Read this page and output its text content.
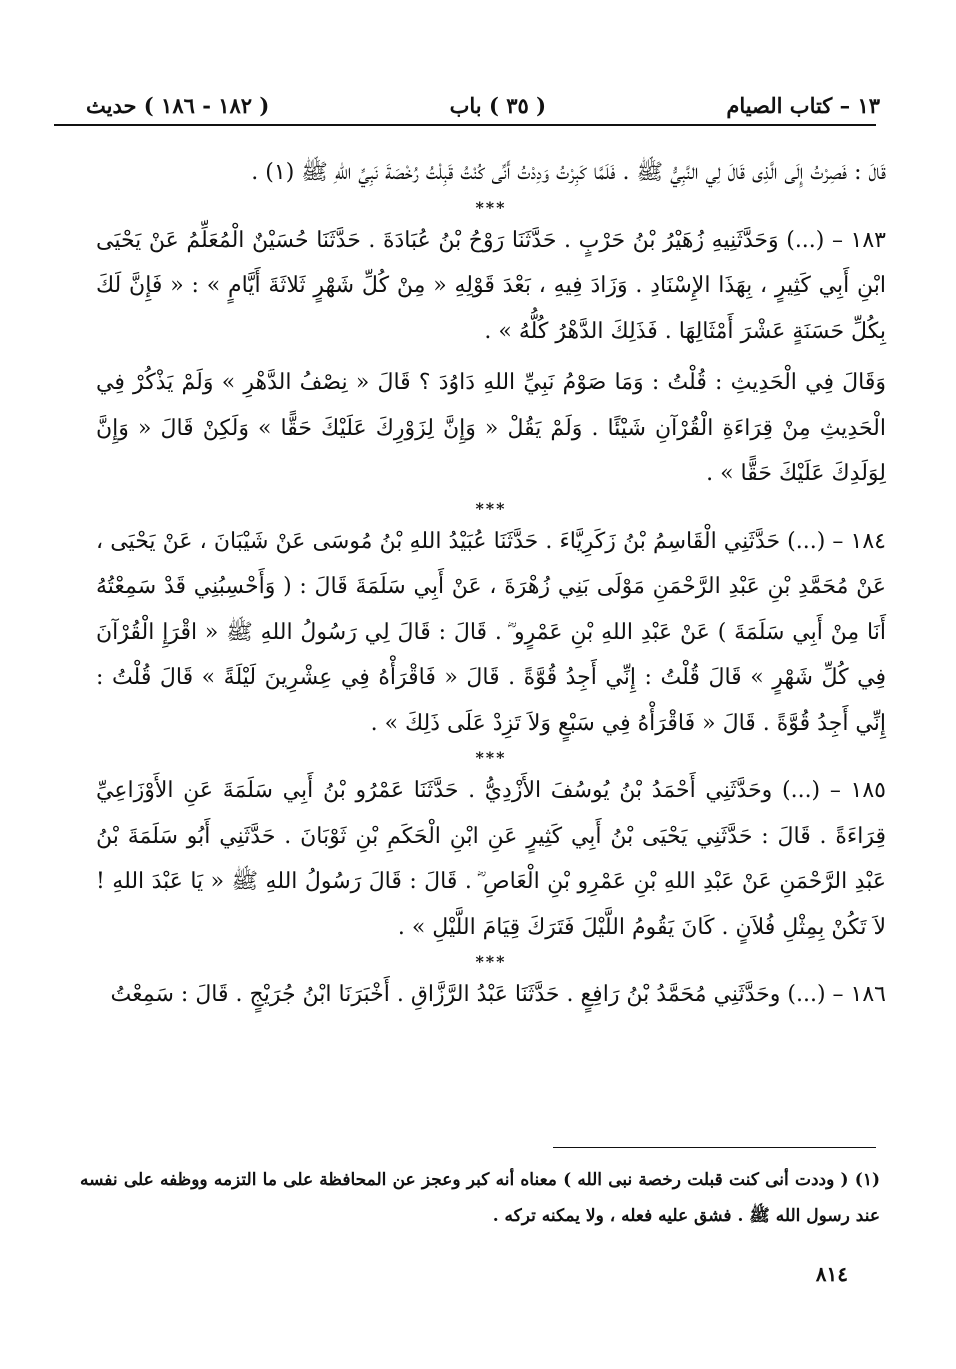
١٣ – كتاب الصيام
( ٣٥ ) باب
( ١٨٢ - ١٨٦ ) حديث

قَالَ : فَصِرْتُ إِلَى الَّذِى قَالَ لِي النَّبِيُّ ﷺ . فَلَمَّا كَبِرْتُ وَدِدْتُ أَنِّى كُنْتُ قَبِلْتُ رُخْصَةَ نَبِيِّ اللهِ ﷺ (١) .

***

١٨٣ – (...) وَحَدَّثَنِيهِ زُهَيْرُ بْنُ حَرْبٍ . حَدَّثَنَا رَوْحُ بْنُ عُبَادَةَ . حَدَّثَنَا حُسَيْنٌ الْمُعَلِّمُ عَنْ يَحْيَى ابْنِ أَبِي كَثِيرٍ ، بِهَذَا الإِسْنَادِ . وَزَادَ فِيهِ ، بَعْدَ قَوْلِهِ « مِنْ كُلِّ شَهْرٍ ثَلاثَةَ أَيَّامٍ » : « فَإِنَّ لَكَ بِكُلِّ حَسَنَةٍ عَشْرَ أَمْثَالِهَا . فَذَلِكَ الدَّهْرُ كُلُّهُ » .

وَقَالَ فِي الْحَدِيثِ : قُلْتُ : وَمَا صَوْمُ نَبِيِّ اللهِ دَاوُدَ ؟ قَالَ « نِصْفُ الدَّهْرِ » وَلَمْ يَذْكُرْ فِي الْحَدِيثِ مِنْ قِرَاءَةِ الْقُرْآنِ شَيْئًا . وَلَمْ يَقُلْ « وَإِنَّ لِزَوْرِكَ عَلَيْكَ حَقًّا » وَلَكِنْ قَالَ « وَإِنَّ لِوَلَدِكَ عَلَيْكَ حَقًّا » .

***

١٨٤ – (...) حَدَّثَنِي الْقَاسِمُ بْنُ زَكَرِيَّاءَ . حَدَّثَنَا عُبَيْدُ اللهِ بْنُ مُوسَى عَنْ شَيْبَانَ ، عَنْ يَحْيَى ، عَنْ مُحَمَّدِ بْنِ عَبْدِ الرَّحْمَنِ مَوْلَى بَنِي زُهْرَةَ ، عَنْ أَبِي سَلَمَةَ قَالَ : ( وَأَحْسِبُنِي قَدْ سَمِعْتُهُ أَنَا مِنْ أَبِي سَلَمَةَ ) عَنْ عَبْدِ اللهِ بْنِ عَمْرٍو ؓ . قَالَ : قَالَ لِي رَسُولُ اللهِ ﷺ « اقْرَإِ الْقُرْآنَ فِي كُلِّ شَهْرٍ » قَالَ قُلْتُ : إِنِّي أَجِدُ قُوَّةً . قَالَ « فَاقْرَأْهُ فِي عِشْرِينَ لَيْلَةً » قَالَ قُلْتُ : إِنِّي أَجِدُ قُوَّةً . قَالَ « فَاقْرَأْهُ فِي سَبْعٍ وَلاَ تَزِدْ عَلَى ذَلِكَ » .

***

١٨٥ – (...) وحَدَّثَنِي أَحْمَدُ بْنُ يُوسُفَ الأَزْدِيُّ . حَدَّثَنَا عَمْرُو بْنُ أَبِي سَلَمَةَ عَنِ الأَوْزَاعِيِّ قِرَاءَةً . قَالَ : حَدَّثَنِي يَحْيَى بْنُ أَبِي كَثِيرٍ عَنِ ابْنِ الْحَكَمِ بْنِ ثَوْبَانَ . حَدَّثَنِي أَبُو سَلَمَةَ بْنُ عَبْدِ الرَّحْمَنِ عَنْ عَبْدِ اللهِ بْنِ عَمْرِو بْنِ الْعَاصِ ؓ . قَالَ : قَالَ رَسُولُ اللهِ ﷺ « يَا عَبْدَ اللهِ ! لاَ تَكُنْ بِمِثْلِ فُلاَنٍ . كَانَ يَقُومُ اللَّيْلَ فَتَرَكَ قِيَامَ اللَّيْلِ » .

***

١٨٦ – (...) وحَدَّثَنِي مُحَمَّدُ بْنُ رَافِعٍ . حَدَّثَنَا عَبْدُ الرَّزَّاقِ . أَخْبَرَنَا ابْنُ جُرَيْجٍ . قَالَ : سَمِعْتُ

(١) ( وددت أنى كنت قبلت رخصة نبى الله ) معناه أنه كبر وعجز عن المحافظة على ما التزمه ووظفه على نفسه عند رسول الله ﷺ . فشق عليه فعله ، ولا يمكنه تركه .

٨١٤
